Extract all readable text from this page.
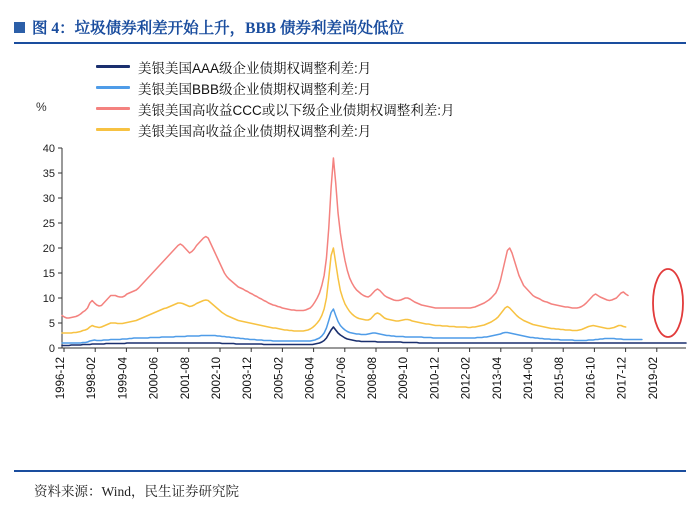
图 4：垃圾债券利差开始上升，BBB 债券利差尚处低位
美银美国AAA级企业债期权调整利差:月
美银美国BBB级企业债期权调整利差:月
美银美国高收益CCC或以下级企业债期权调整利差:月
美银美国高收益企业债期权调整利差:月
%
0
5
10
15
20
25
30
35
40
1996-12 1998-02 1999-04 2000-06 2001-08 2002-10 2003-12 2005-02 2006-04 2007-06 2008-08 2009-10 2010-12 2012-02 2013-04 2014-06 2015-08 2016-10 2017-12 2019-02
资料来源：Wind，民生证券研究院
